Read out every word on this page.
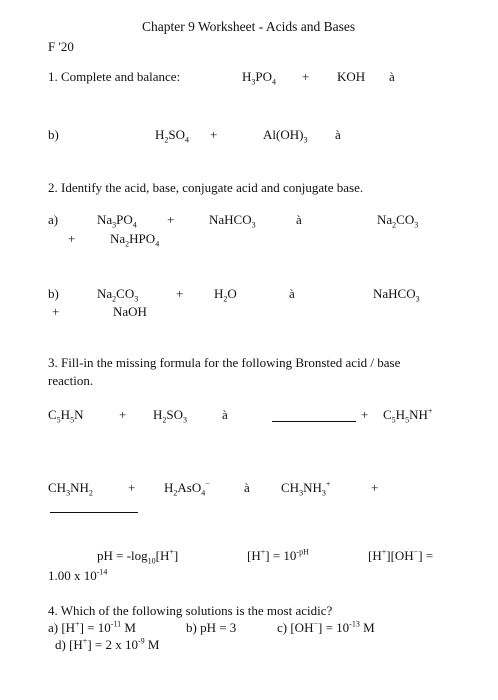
Chapter 9 Worksheet - Acids and Bases
F '20
1. Complete and balance:	$H_3PO_4$ + KOH à
b)	$H_2SO_4$ +	$Al(OH)_3$ à
2. Identify the acid, base, conjugate acid and conjugate base.
a)	$Na_3PO_4$ +	NaHCO$_3$	à	$Na_2CO_3$
+	$Na_2HPO_4$
b)	$Na_2CO_3$	+ $H_2O$	à	NaHCO$_3$
+	NaOH
3. Fill-in the missing formula for the following Bronsted acid / base
reaction.
$C_5H_5N$	+ $H_2SO_3$	à	+ $C_5H_5NH^+$
$CH_3NH_2$	+ $H_2AsO_4^-$	à $CH_3NH_3^+$	+
pH = $-\log_{10}[H^+]$	$[H^+] = 10^{-pH}$	[H+][OH−] =
1.00 x $10^{-14}$
4. Which of the following solutions is the most acidic?
a) $[H^+] = 10^{-11}$ M	b) pH = 3	c) $[OH^-] = 10^{-13}$ M
d) [H+] = 2 x $10^{-9}$ M
